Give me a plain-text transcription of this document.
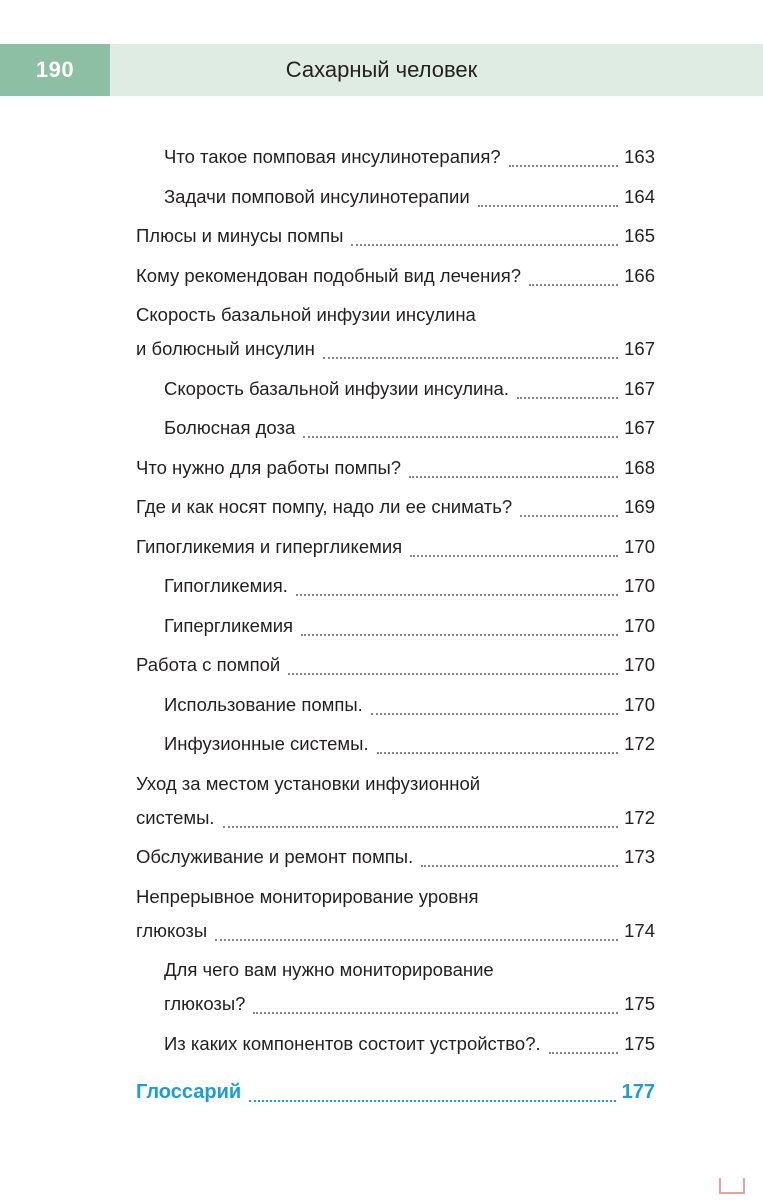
190	Сахарный человек
Что такое помповая инсулинотерапия?	163
Задачи помповой инсулинотерапии	164
Плюсы и минусы помпы	165
Кому рекомендован подобный вид лечения?	166
Скорость базальной инфузии инсулина
и болюсный инсулин	167
Скорость базальной инфузии инсулина.	167
Болюсная доза	167
Что нужно для работы помпы?	168
Где и как носят помпу, надо ли ее снимать?	169
Гипогликемия и гипергликемия	170
Гипогликемия.	170
Гипергликемия	170
Работа с помпой	170
Использование помпы.	170
Инфузионные системы.	172
Уход за местом установки инфузионной
системы.	172
Обслуживание и ремонт помпы.	173
Непрерывное мониторирование уровня
глюкозы	174
Для чего вам нужно мониторирование
глюкозы?	175
Из каких компонентов состоит устройство?.	175
Глоссарий	177
